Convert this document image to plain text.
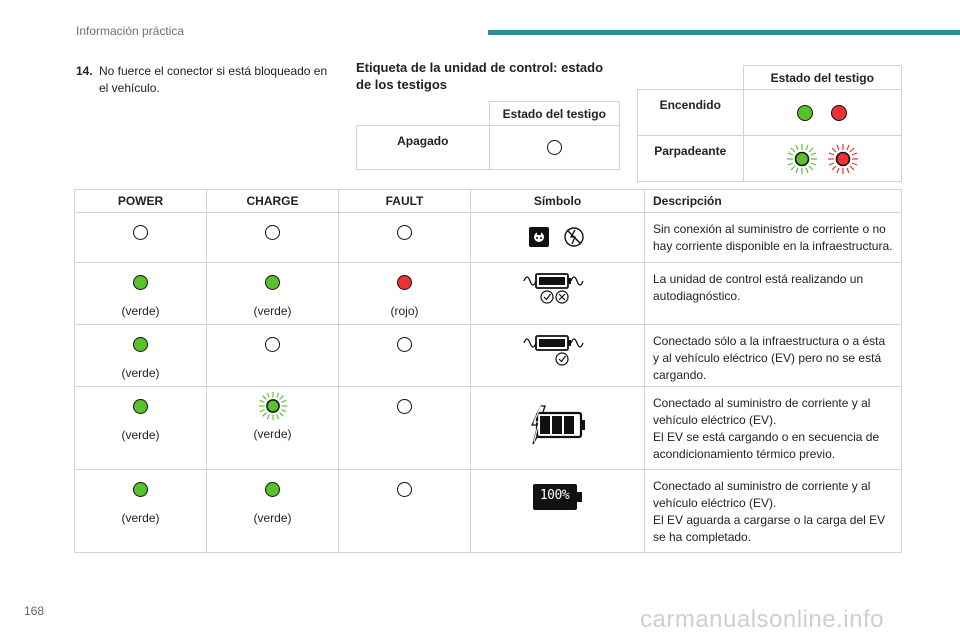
Información práctica
14. No fuerce el conector si está bloqueado en el vehículo.
Etiqueta de la unidad de control: estado de los testigos
	Estado del testigo
Apagado	
	Estado del testigo
Encendido	
Parpadeante	
POWER	CHARGE	FAULT	Símbolo	Descripción
				Sin conexión al suministro de corriente o no hay corriente disponible en la infraestructura.

(verde)	(verde)	(rojo)		La unidad de control está realizando un autodiagnóstico.

(verde)				Conectado sólo a la infraestructura o a ésta y al vehículo eléctrico (EV) pero no se está cargando.

(verde)	(verde)			Conectado al suministro de corriente y al vehículo eléctrico (EV).
El EV se está cargando o en secuencia de acondicionamiento térmico previo.

(verde)	(verde)		100%	Conectado al suministro de corriente y al vehículo eléctrico (EV).
El EV aguarda a cargarse o la carga del EV se ha completado.
168	carmanualsonline.info
